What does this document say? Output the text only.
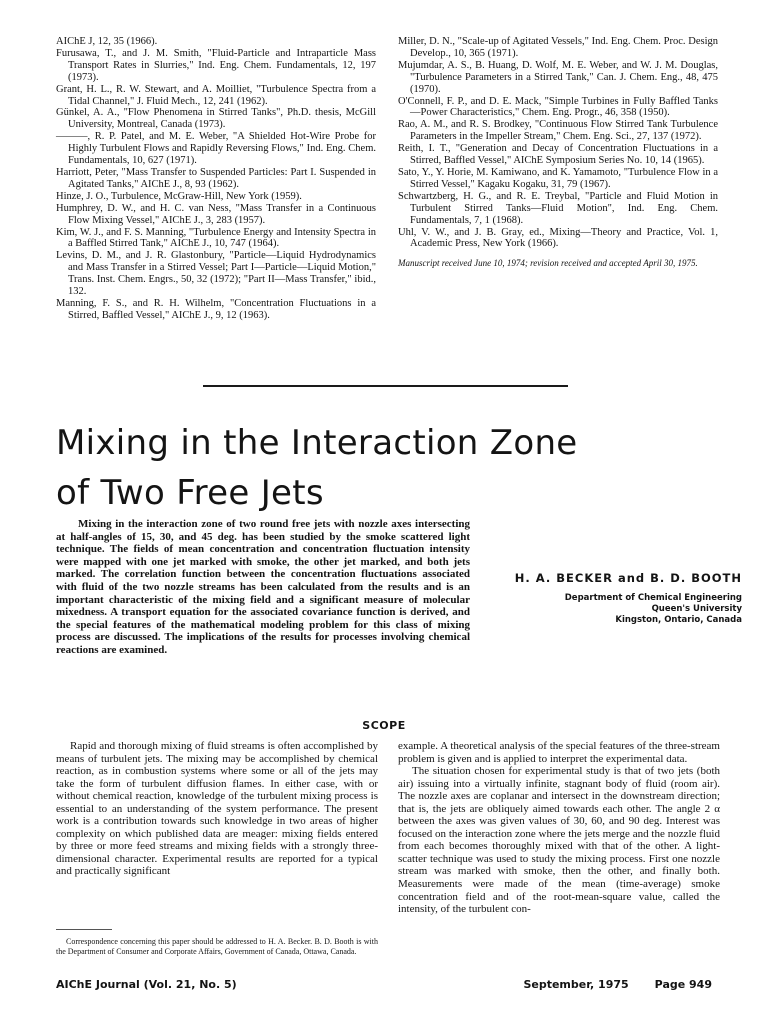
AIChE J, 12, 35 (1966).
Furusawa, T., and J. M. Smith, "Fluid-Particle and Intraparticle Mass Transport Rates in Slurries," Ind. Eng. Chem. Fundamentals, 12, 197 (1973).
Grant, H. L., R. W. Stewart, and A. Moilliet, "Turbulence Spectra from a Tidal Channel," J. Fluid Mech., 12, 241 (1962).
Günkel, A. A., "Flow Phenomena in Stirred Tanks", Ph.D. thesis, McGill University, Montreal, Canada (1973).
———, R. P. Patel, and M. E. Weber, "A Shielded Hot-Wire Probe for Highly Turbulent Flows and Rapidly Reversing Flows," Ind. Eng. Chem. Fundamentals, 10, 627 (1971).
Harriott, Peter, "Mass Transfer to Suspended Particles: Part I. Suspended in Agitated Tanks," AIChE J., 8, 93 (1962).
Hinze, J. O., Turbulence, McGraw-Hill, New York (1959).
Humphrey, D. W., and H. C. van Ness, "Mass Transfer in a Continuous Flow Mixing Vessel," AIChE J., 3, 283 (1957).
Kim, W. J., and F. S. Manning, "Turbulence Energy and Intensity Spectra in a Baffled Stirred Tank," AIChE J., 10, 747 (1964).
Levins, D. M., and J. R. Glastonbury, "Particle—Liquid Hydrodynamics and Mass Transfer in a Stirred Vessel; Part I—Particle—Liquid Motion," Trans. Inst. Chem. Engrs., 50, 32 (1972); "Part II—Mass Transfer," ibid., 132.
Manning, F. S., and R. H. Wilhelm, "Concentration Fluctuations in a Stirred, Baffled Vessel," AIChE J., 9, 12 (1963).
Miller, D. N., "Scale-up of Agitated Vessels," Ind. Eng. Chem. Proc. Design Develop., 10, 365 (1971).
Mujumdar, A. S., B. Huang, D. Wolf, M. E. Weber, and W. J. M. Douglas, "Turbulence Parameters in a Stirred Tank," Can. J. Chem. Eng., 48, 475 (1970).
O'Connell, F. P., and D. E. Mack, "Simple Turbines in Fully Baffled Tanks—Power Characteristics," Chem. Eng. Progr., 46, 358 (1950).
Rao, A. M., and R. S. Brodkey, "Continuous Flow Stirred Tank Turbulence Parameters in the Impeller Stream," Chem. Eng. Sci., 27, 137 (1972).
Reith, I. T., "Generation and Decay of Concentration Fluctuations in a Stirred, Baffled Vessel," AIChE Symposium Series No. 10, 14 (1965).
Sato, Y., Y. Horie, M. Kamiwano, and K. Yamamoto, "Turbulence Flow in a Stirred Vessel," Kagaku Kogaku, 31, 79 (1967).
Schwartzberg, H. G., and R. E. Treybal, "Particle and Fluid Motion in Turbulent Stirred Tanks—Fluid Motion", Ind. Eng. Chem. Fundamentals, 7, 1 (1968).
Uhl, V. W., and J. B. Gray, ed., Mixing—Theory and Practice, Vol. 1, Academic Press, New York (1966).
Manuscript received June 10, 1974; revision received and accepted April 30, 1975.
Mixing in the Interaction Zone
of Two Free Jets
Mixing in the interaction zone of two round free jets with nozzle axes intersecting at half-angles of 15, 30, and 45 deg. has been studied by the smoke scattered light technique. The fields of mean concentration and concentration fluctuation intensity were mapped with one jet marked with smoke, the other jet marked, and both jets marked. The correlation function between the concentration fluctuations associated with fluid of the two nozzle streams has been calculated from the results and is an important characteristic of the mixing field and a significant measure of molecular mixedness. A transport equation for the associated covariance function is derived, and the special features of the mathematical modeling problem for this class of mixing process are discussed. The implications of the results for processes involving chemical reactions are examined.
H. A. BECKER and B. D. BOOTH
Department of Chemical Engineering
Queen's University
Kingston, Ontario, Canada
SCOPE

Rapid and thorough mixing of fluid streams is often accomplished by means of turbulent jets. The mixing may be accomplished by chemical reaction, as in combustion systems where some or all of the jets may take the form of turbulent diffusion flames. In either case, with or without chemical reaction, knowledge of the turbulent mixing process is essential to an understanding of the system performance. The present work is a contribution towards such knowledge in two areas of higher complexity on which published data are meager: mixing fields entered by three or more feed streams and mixing fields with a strongly three-dimensional character. Experimental results are reported for a typical and practically significant

example. A theoretical analysis of the special features of the three-stream problem is given and is applied to interpret the experimental data.

The situation chosen for experimental study is that of two jets (both air) issuing into a virtually infinite, stagnant body of fluid (room air). The nozzle axes are coplanar and intersect in the downstream direction; that is, the jets are obliquely aimed towards each other. The angle 2 α between the axes was given values of 30, 60, and 90 deg. Interest was focused on the interaction zone where the jets merge and the nozzle fluid from each becomes thoroughly mixed with that of the other. A light-scatter technique was used to study the mixing process. First one nozzle stream was marked with smoke, then the other, and finally both. Measurements were made of the mean (time-average) smoke concentration field and of the root-mean-square value, called the intensity, of the turbulent con-

Correspondence concerning this paper should be addressed to H. A. Becker. B. D. Booth is with the Department of Consumer and Corporate Affairs, Government of Canada, Ottawa, Canada.
AIChE Journal (Vol. 21, No. 5)	September, 1975 Page 949
